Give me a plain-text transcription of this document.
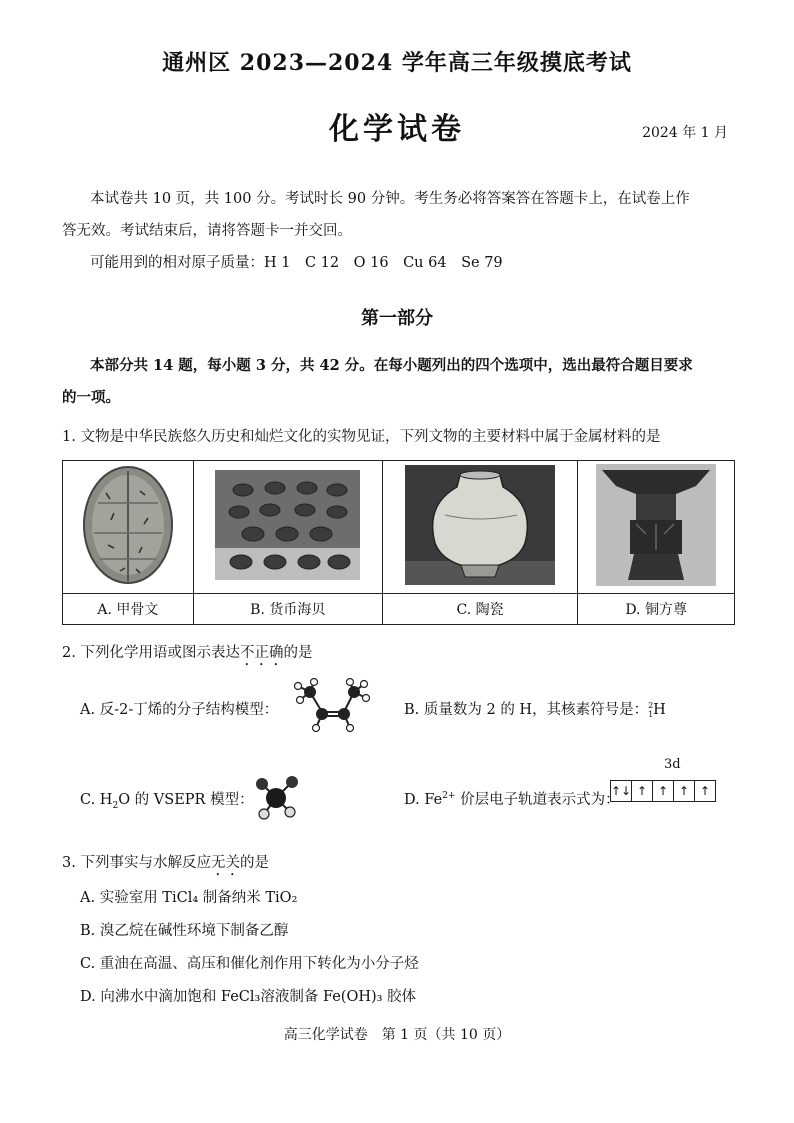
通州区 2023—2024 学年高三年级摸底考试
化学试卷	2024 年 1 月
本试卷共 10 页，共 100 分。考试时长 90 分钟。考生务必将答案答在答题卡上，在试卷上作
答无效。考试结束后，请将答题卡一并交回。
可能用到的相对原子质量：H 1　C 12　O 16　Cu 64　Se 79
第一部分
本部分共 14 题，每小题 3 分，共 42 分。在每小题列出的四个选项中，选出最符合题目要求
的一项。
1. 文物是中华民族悠久历史和灿烂文化的实物见证，下列文物的主要材料中属于金属材料的是

A. 甲骨文	B. 货币海贝	C. 陶瓷	D. 铜方尊
2. 下列化学用语或图示表达不正确的是
A. 反-2-丁烯的分子结构模型：	B. 质量数为 2 的 H，其核素符号是： 2
1 H
C. $H_2O$ 的 VSEPR 模型：	D. $Fe^{2+}$ 价层电子轨道表示式为：
3d
↑↓ ↑ ↑ ↑ ↑
3. 下列事实与水解反应无关的是
A. 实验室用 TiCl₄ 制备纳米 TiO₂
B. 溴乙烷在碱性环境下制备乙醇
C. 重油在高温、高压和催化剂作用下转化为小分子烃
D. 向沸水中滴加饱和 FeCl₃溶液制备 Fe(OH)₃ 胶体
高三化学试卷　第 1 页（共 10 页）
